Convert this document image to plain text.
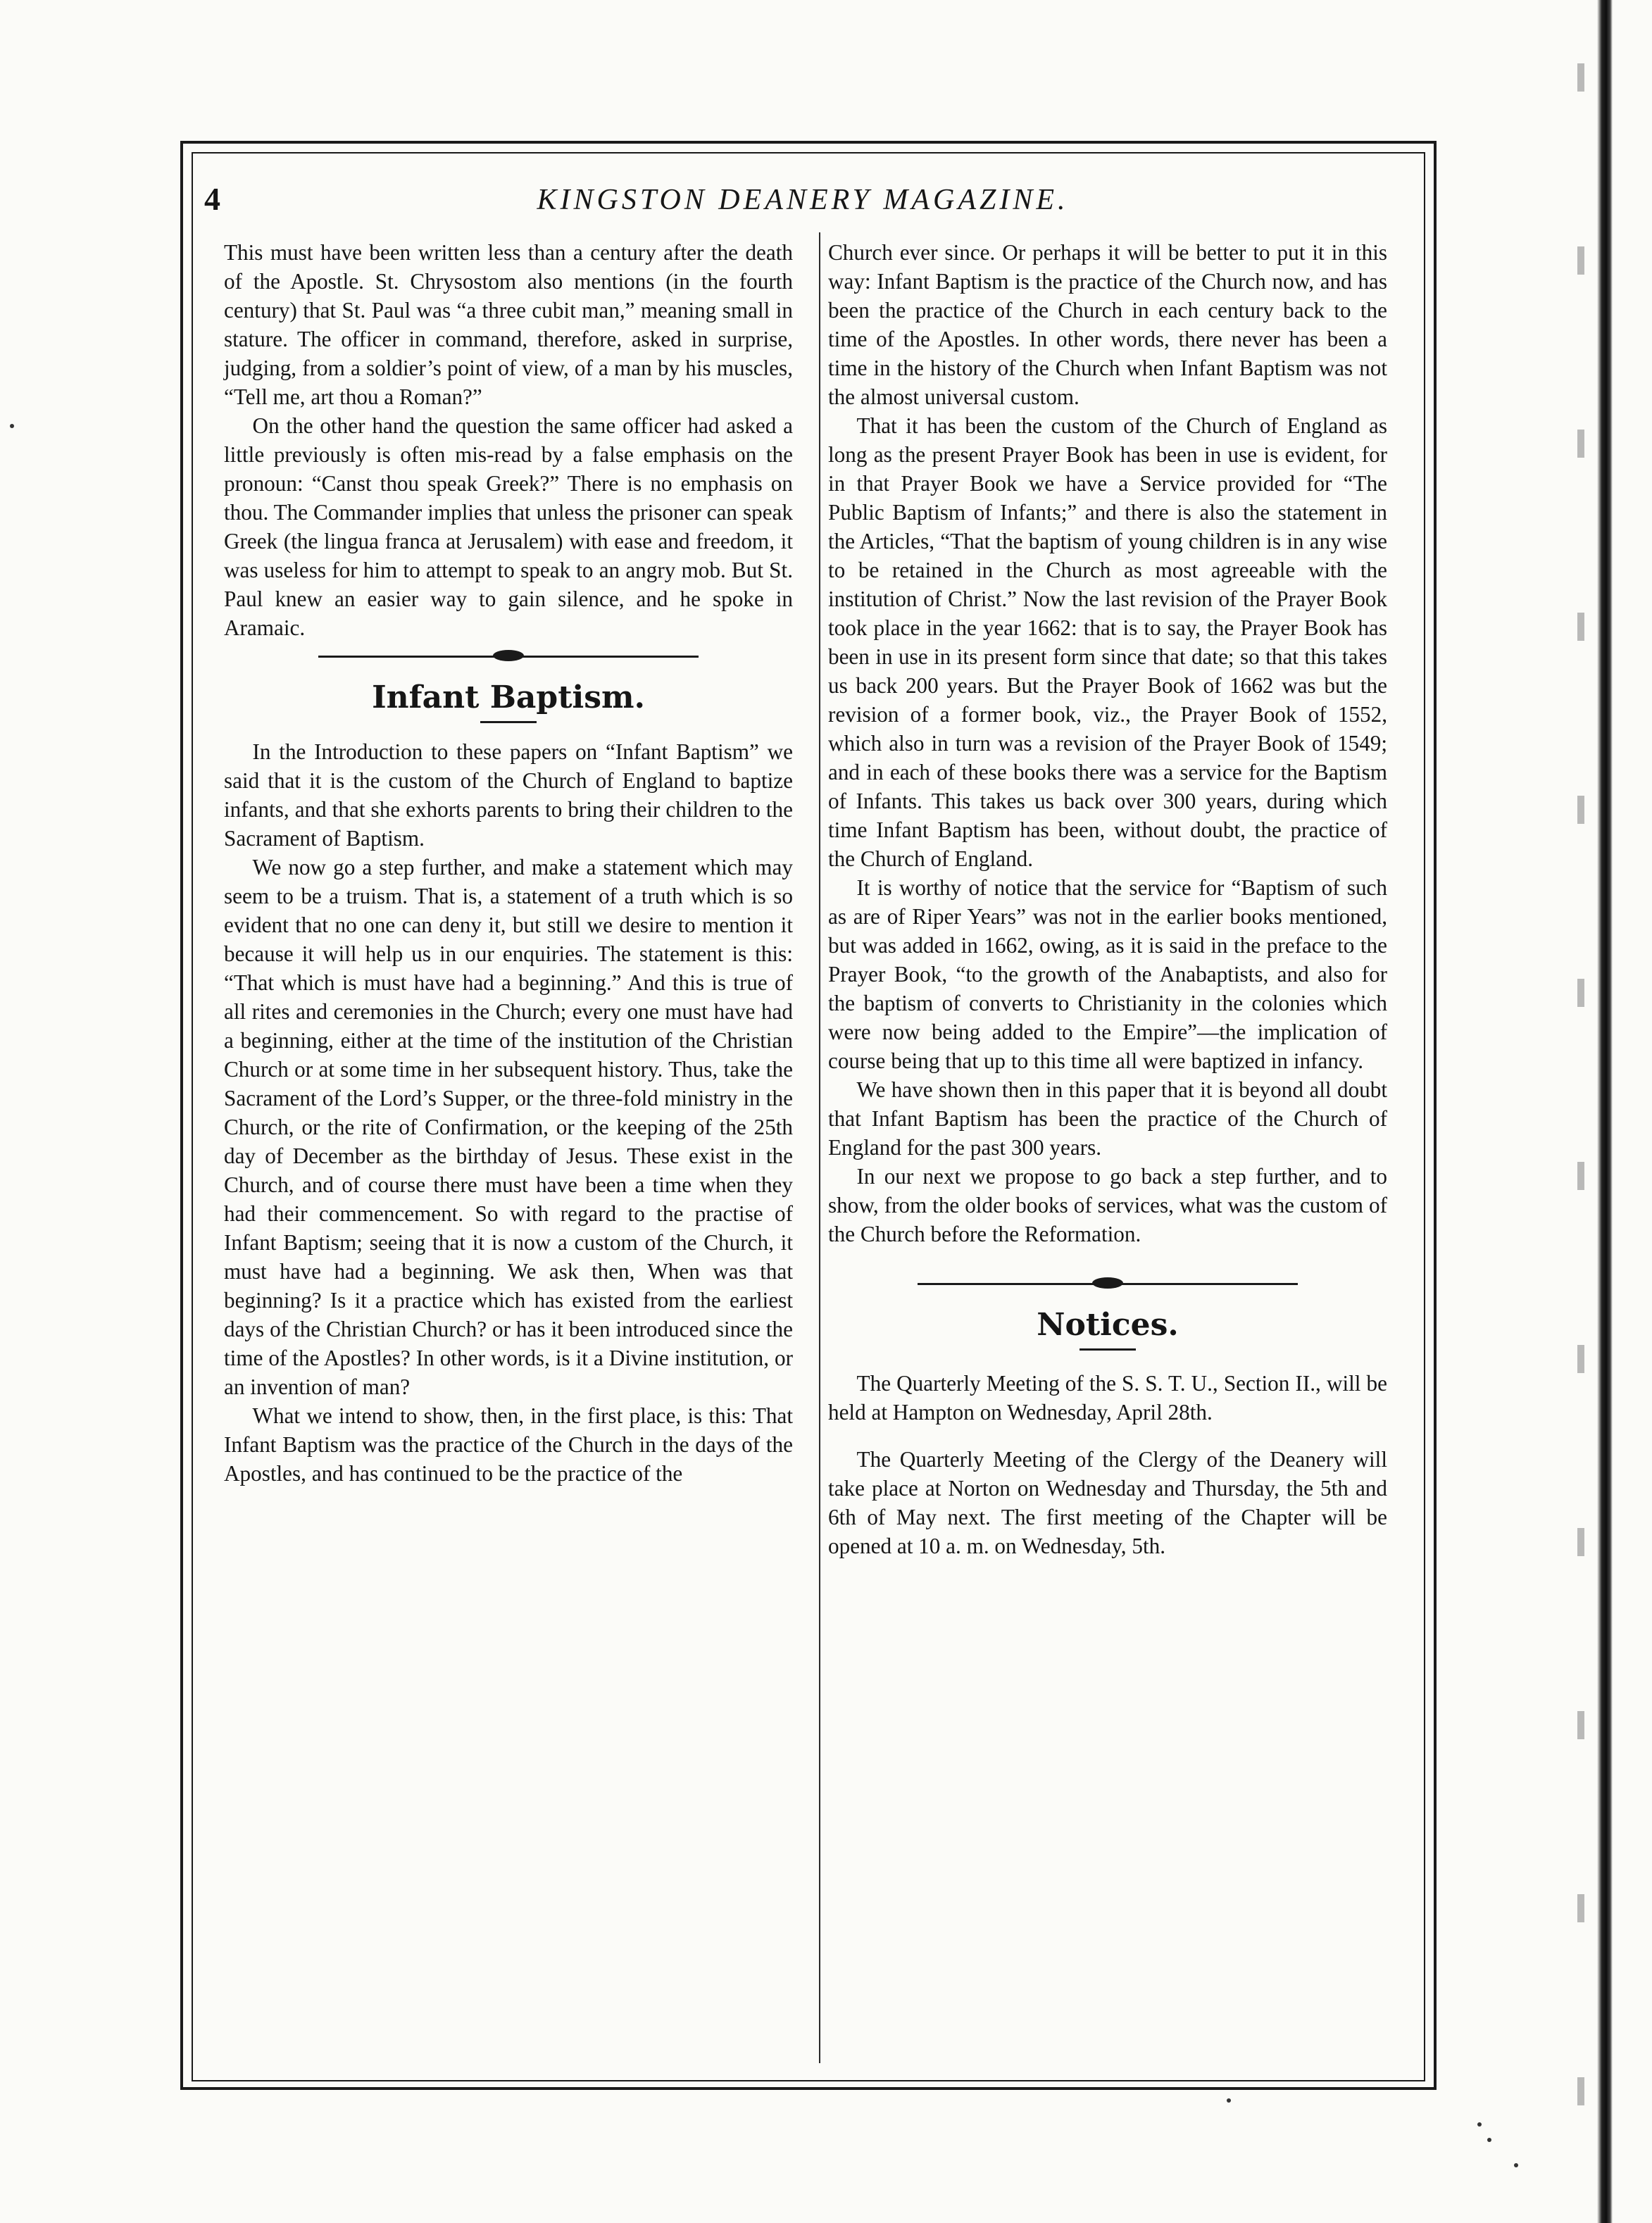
4	KINGSTON DEANERY MAGAZINE.

This must have been written less than a century after the death of the Apostle. St. Chrysostom also mentions (in the fourth century) that St. Paul was “a three cubit man,” meaning small in stature. The officer in command, therefore, asked in surprise, judging, from a soldier’s point of view, of a man by his muscles, “Tell me, art thou a Roman?”

On the other hand the question the same officer had asked a little previously is often mis-read by a false emphasis on the pronoun: “Canst thou speak Greek?” There is no emphasis on thou. The Commander implies that unless the prisoner can speak Greek (the lingua franca at Jerusalem) with ease and freedom, it was useless for him to attempt to speak to an angry mob. But St. Paul knew an easier way to gain silence, and he spoke in Aramaic.

Infant Baptism.

In the Introduction to these papers on “Infant Baptism” we said that it is the custom of the Church of England to baptize infants, and that she exhorts parents to bring their children to the Sacrament of Baptism.

We now go a step further, and make a statement which may seem to be a truism. That is, a statement of a truth which is so evident that no one can deny it, but still we desire to mention it because it will help us in our enquiries. The statement is this: “That which is must have had a beginning.” And this is true of all rites and ceremonies in the Church; every one must have had a beginning, either at the time of the institution of the Christian Church or at some time in her subsequent history. Thus, take the Sacrament of the Lord’s Supper, or the three-fold ministry in the Church, or the rite of Confirmation, or the keeping of the 25th day of December as the birthday of Jesus. These exist in the Church, and of course there must have been a time when they had their commencement. So with regard to the practise of Infant Baptism; seeing that it is now a custom of the Church, it must have had a beginning. We ask then, When was that beginning? Is it a practice which has existed from the earliest days of the Christian Church? or has it been introduced since the time of the Apostles? In other words, is it a Divine institution, or an invention of man?

What we intend to show, then, in the first place, is this: That Infant Baptism was the practice of the Church in the days of the Apostles, and has continued to be the practice of the

Church ever since. Or perhaps it will be better to put it in this way: Infant Baptism is the practice of the Church now, and has been the practice of the Church in each century back to the time of the Apostles. In other words, there never has been a time in the history of the Church when Infant Baptism was not the almost universal custom.

That it has been the custom of the Church of England as long as the present Prayer Book has been in use is evident, for in that Prayer Book we have a Service provided for “The Public Baptism of Infants;” and there is also the statement in the Articles, “That the baptism of young children is in any wise to be retained in the Church as most agreeable with the institution of Christ.” Now the last revision of the Prayer Book took place in the year 1662: that is to say, the Prayer Book has been in use in its present form since that date; so that this takes us back 200 years. But the Prayer Book of 1662 was but the revision of a former book, viz., the Prayer Book of 1552, which also in turn was a revision of the Prayer Book of 1549; and in each of these books there was a service for the Baptism of Infants. This takes us back over 300 years, during which time Infant Baptism has been, without doubt, the practice of the Church of England.

It is worthy of notice that the service for “Baptism of such as are of Riper Years” was not in the earlier books mentioned, but was added in 1662, owing, as it is said in the preface to the Prayer Book, “to the growth of the Anabaptists, and also for the baptism of converts to Christianity in the colonies which were now being added to the Empire”—the implication of course being that up to this time all were baptized in infancy.

We have shown then in this paper that it is beyond all doubt that Infant Baptism has been the practice of the Church of England for the past 300 years.

In our next we propose to go back a step further, and to show, from the older books of services, what was the custom of the Church before the Reformation.

Notices.

The Quarterly Meeting of the S. S. T. U., Section II., will be held at Hampton on Wednesday, April 28th.

The Quarterly Meeting of the Clergy of the Deanery will take place at Norton on Wednesday and Thursday, the 5th and 6th of May next. The first meeting of the Chapter will be opened at 10 a. m. on Wednesday, 5th.
